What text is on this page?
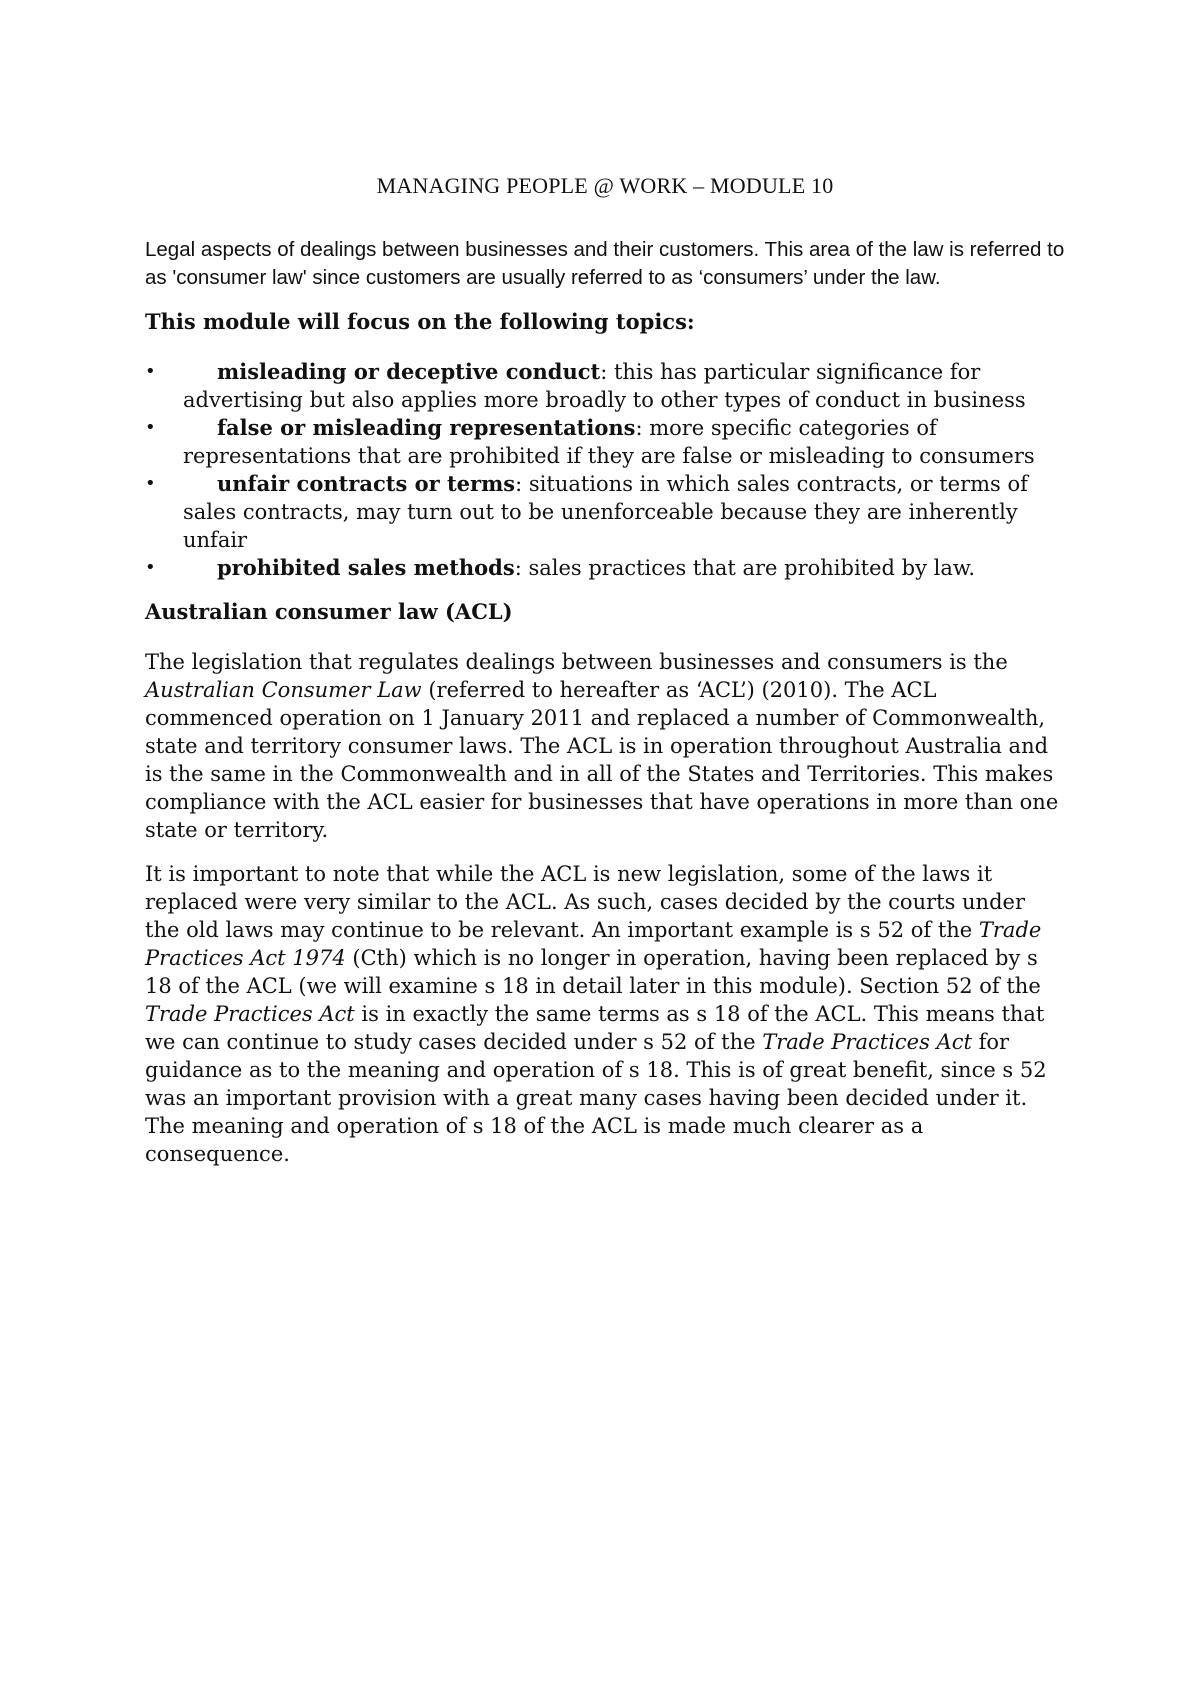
MANAGING PEOPLE @ WORK – MODULE 10

Legal aspects of dealings between businesses and their customers. This area of the law is referred to as 'consumer law' since customers are usually referred to as ‘consumers’ under the law.

This module will focus on the following topics:

•	misleading or deceptive conduct: this has particular significance for advertising but also applies more broadly to other types of conduct in business
•	false or misleading representations: more specific categories of representations that are prohibited if they are false or misleading to consumers
•	unfair contracts or terms: situations in which sales contracts, or terms of sales contracts, may turn out to be unenforceable because they are inherently unfair
•	prohibited sales methods: sales practices that are prohibited by law.

Australian consumer law (ACL)

The legislation that regulates dealings between businesses and consumers is the Australian Consumer Law (referred to hereafter as ‘ACL’) (2010). The ACL commenced operation on 1 January 2011 and replaced a number of Commonwealth, state and territory consumer laws. The ACL is in operation throughout Australia and is the same in the Commonwealth and in all of the States and Territories. This makes compliance with the ACL easier for businesses that have operations in more than one state or territory.

It is important to note that while the ACL is new legislation, some of the laws it replaced were very similar to the ACL. As such, cases decided by the courts under the old laws may continue to be relevant. An important example is s 52 of the Trade Practices Act 1974 (Cth) which is no longer in operation, having been replaced by s 18 of the ACL (we will examine s 18 in detail later in this module). Section 52 of the Trade Practices Act is in exactly the same terms as s 18 of the ACL. This means that we can continue to study cases decided under s 52 of the Trade Practices Act for guidance as to the meaning and operation of s 18. This is of great benefit, since s 52 was an important provision with a great many cases having been decided under it. The meaning and operation of s 18 of the ACL is made much clearer as a consequence.
